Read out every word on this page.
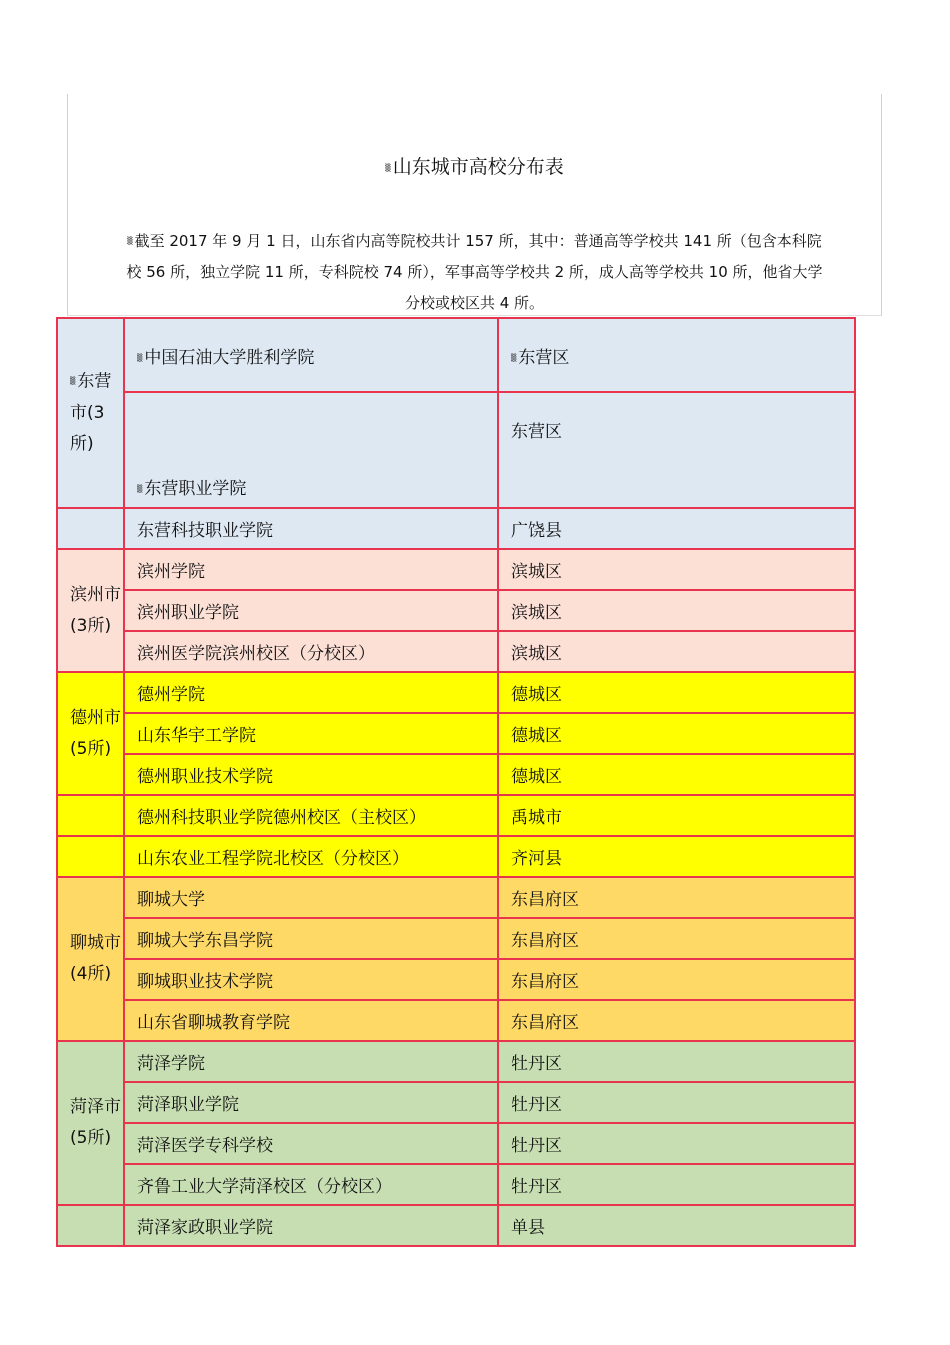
▒ 山东城市高校分布表
▒ 截至 2017 年 9 月 1 日，山东省内高等院校共计 157 所，其中：普通高等学校共 141 所（包含本科院
校 56 所，独立学院 11 所，专科院校 74 所），军事高等学校共 2 所，成人高等学校共 10 所，他省大学
分校或校区共 4 所。
▒ 东营市(3所)	▒ 中国石油大学胜利学院	▒ 东营区
	▒ 东营职业学院	东营区
	东营科技职业学院	广饶县
滨州市(3所)	滨州学院	滨城区
	滨州职业学院	滨城区
	滨州医学院滨州校区（分校区）	滨城区
德州市(5所)	德州学院	德城区
	山东华宇工学院	德城区
	德州职业技术学院	德城区
	德州科技职业学院德州校区（主校区）	禹城市
	山东农业工程学院北校区（分校区）	齐河县
聊城市(4所)	聊城大学	东昌府区
	聊城大学东昌学院	东昌府区
	聊城职业技术学院	东昌府区
	山东省聊城教育学院	东昌府区
菏泽市(5所)	菏泽学院	牡丹区
	菏泽职业学院	牡丹区
	菏泽医学专科学校	牡丹区
	齐鲁工业大学菏泽校区（分校区）	牡丹区
	菏泽家政职业学院	单县
